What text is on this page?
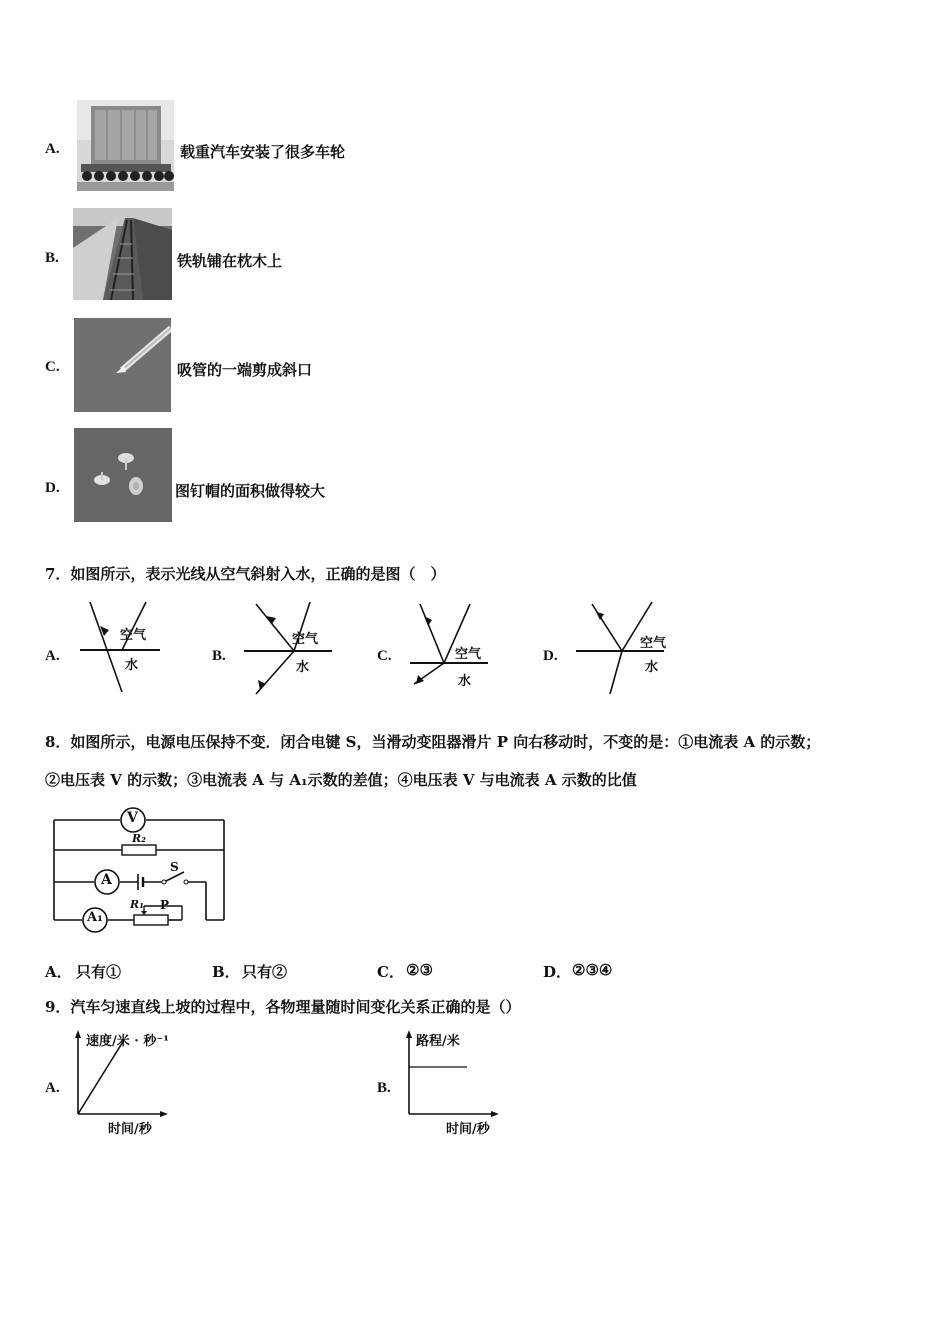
A.	载重汽车安装了很多车轮
B.	铁轨铺在枕木上
C.	吸管的一端剪成斜口
D.	图钉帽的面积做得较大
7．如图所示，表示光线从空气斜射入水，正确的是图（　）
A.
空气
水
B.
空气
水
C.	空气
水
D.
空气
水
8．如图所示，电源电压保持不变．闭合电键 S，当滑动变阻器滑片 P 向右移动时，不变的是：①电流表 A 的示数；
②电压表 V 的示数；③电流表 A 与 A₁示数的差值；④电压表 V 与电流表 A 示数的比值
V
R₂
A
S
A₁
R₁ P
A． 只有①	B． 只有②	C． ②③	D． ②③④
9．汽车匀速直线上坡的过程中，各物理量随时间变化关系正确的是（）
A.
速度/米 · 秒⁻¹
时间/秒
B.
路程/米
时间/秒
